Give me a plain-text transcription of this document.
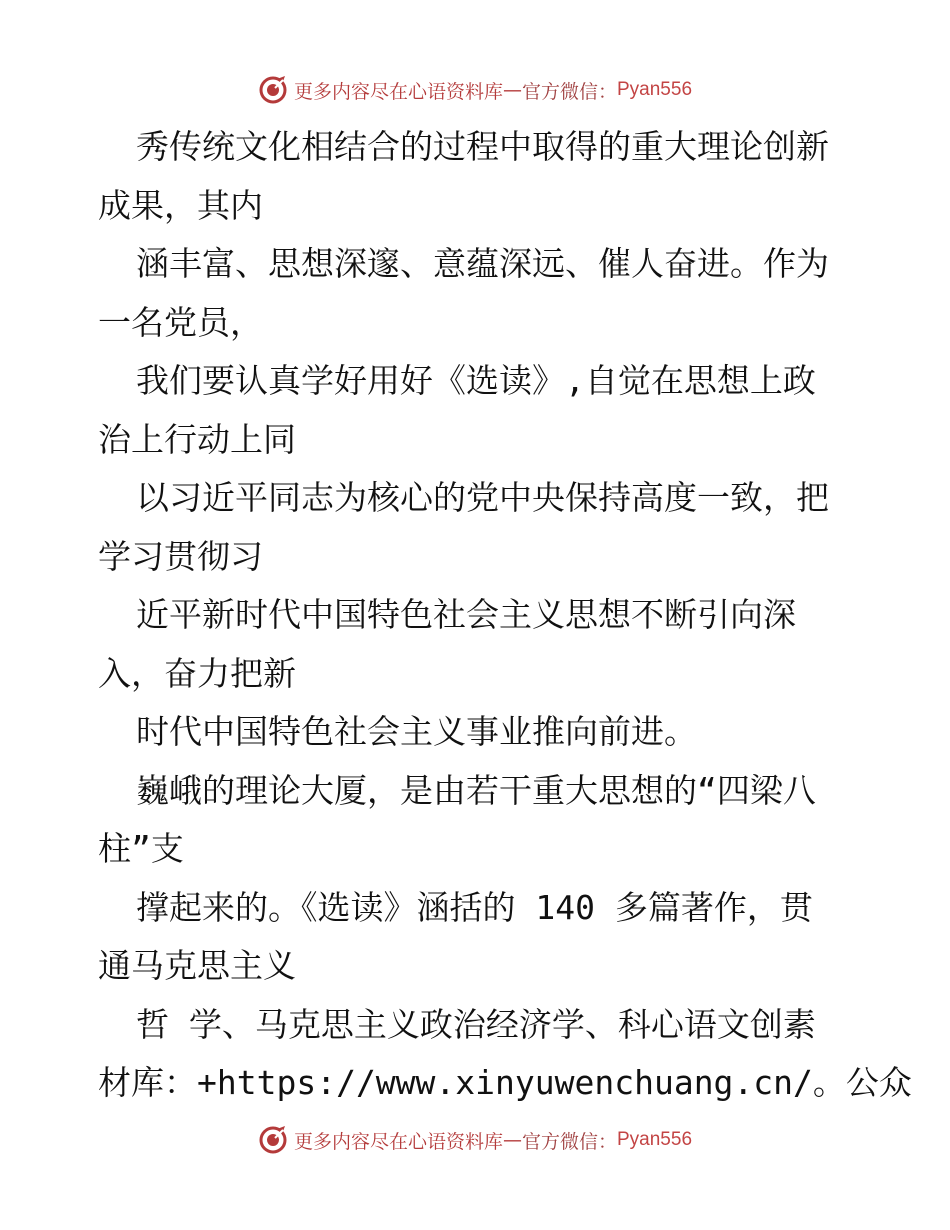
更多内容尽在心语资料库 — 官方微信： Pyan556
秀传统文化相结合的过程中取得的重大理论创新
成果，其内
涵丰富、思想深邃、意蕴深远、催人奋进。作为
一名党员，
我们要认真学好用好《选读》,自觉在思想上政
治上行动上同
以习近平同志为核心的党中央保持高度一致，把
学习贯彻习
近平新时代中国特色社会主义思想不断引向深
入，奋力把新
时代中国特色社会主义事业推向前进。
巍峨的理论大厦，是由若干重大思想的“四梁八
柱”支
撑起来的。《选读》涵括的 140 多篇著作，贯
通马克思主义
哲 学、马克思主义政治经济学、科心语文创素
材库：+https://www.xinyuwenchuang.cn/。公众
更多内容尽在心语资料库 — 官方微信： Pyan556
